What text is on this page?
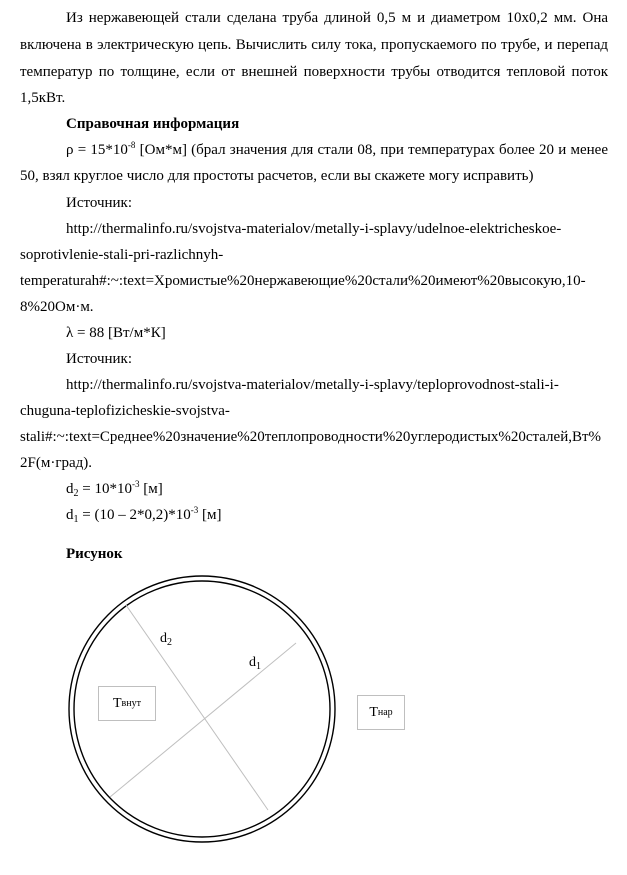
Из нержавеющей стали сделана труба длиной 0,5 м и диаметром 10х0,2 мм. Она
включена в электрическую цепь. Вычислить силу тока, пропускаемого по трубе, и перепад
температур по толщине, если от внешней поверхности трубы отводится тепловой поток
1,5кВт.
Справочная информация
$\rho = 15*10^{-8}$ [Ом*м] (брал значения для стали 08, при температурах более 20 и менее
50, взял круглое число для простоты расчетов, если вы скажете могу исправить)
Источник:
http://thermalinfo.ru/svojstva-materialov/metally-i-splavy/udelnoe-elektricheskoe-
soprotivlenie-stali-pri-razlichnyh-
temperaturah#:~:text=Хромистые%20нержавеющие%20стали%20имеют%20высокую,10-
8%20Ом·м.
λ = 88 [Вт/м*К]
Источник:
http://thermalinfo.ru/svojstva-materialov/metally-i-splavy/teploprovodnost-stali-i-
chuguna-teplofizicheskie-svojstva-
stali#:~:text=Среднее%20значение%20теплопроводности%20углеродистых%20сталей,Вт%
2F(м·град).
$d_2 = 10*10^{-3}$ [м]
$d_1 = (10 - 2*0,2)*10^{-3}$ [м]
Рисунок
$d_2$
$d_1$
T внут
T нар
